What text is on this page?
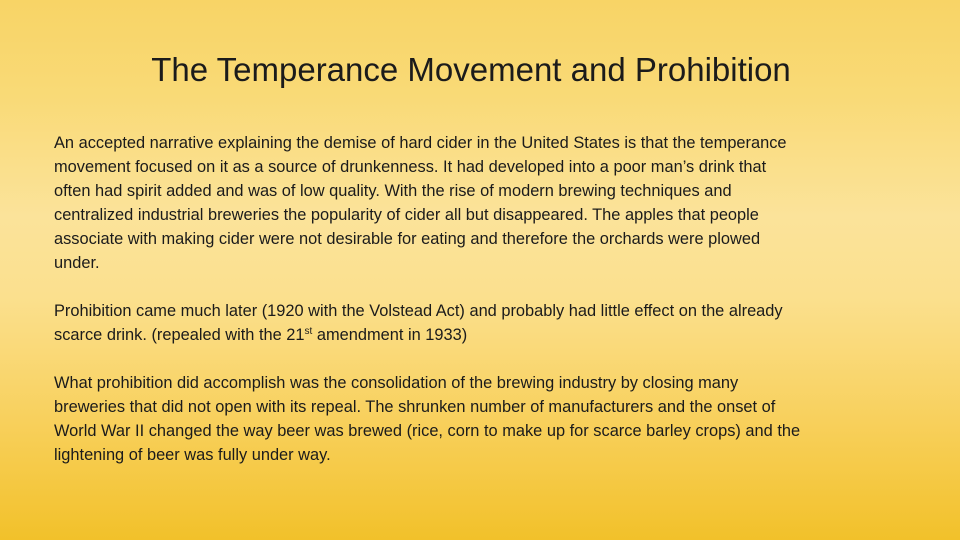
The Temperance Movement and Prohibition

An accepted narrative explaining the demise of hard cider in the United States is that the temperance
movement focused on it as a source of drunkenness. It had developed into a poor man’s drink that
often had spirit added and was of low quality. With the rise of modern brewing techniques and
centralized industrial breweries the popularity of cider all but disappeared. The apples that people
associate with making cider were not desirable for eating and therefore the orchards were plowed
under.

Prohibition came much later (1920 with the Volstead Act) and probably had little effect on the already
scarce drink. (repealed with the 21st amendment in 1933)

What prohibition did accomplish was the consolidation of the brewing industry by closing many
breweries that did not open with its repeal. The shrunken number of manufacturers and the onset of
World War II changed the way beer was brewed (rice, corn to make up for scarce barley crops) and the
lightening of beer was fully under way.
